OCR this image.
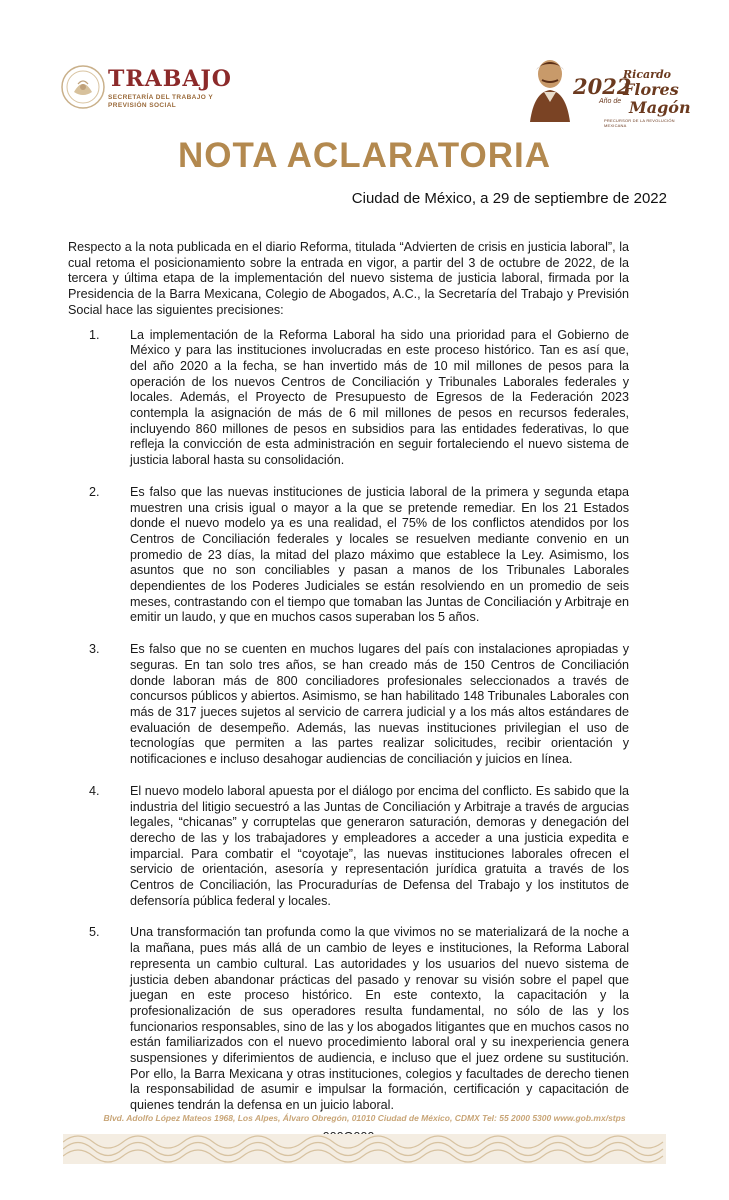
TRABAJO
SECRETARÍA DEL TRABAJO Y PREVISIÓN SOCIAL
2022
Ricardo
Flores
Año de Magón
PRECURSOR DE LA REVOLUCIÓN MEXICANA
NOTA ACLARATORIA
Ciudad de México, a 29 de septiembre de 2022

Respecto a la nota publicada en el diario Reforma, titulada “Advierten de crisis en justicia laboral”, la cual retoma el posicionamiento sobre la entrada en vigor, a partir del 3 de octubre de 2022, de la tercera y última etapa de la implementación del nuevo sistema de justicia laboral, firmada por la Presidencia de la Barra Mexicana, Colegio de Abogados, A.C., la Secretaría del Trabajo y Previsión Social hace las siguientes precisiones:

1.	La implementación de la Reforma Laboral ha sido una prioridad para el Gobierno de México y para las instituciones involucradas en este proceso histórico. Tan es así que, del año 2020 a la fecha, se han invertido más de 10 mil millones de pesos para la operación de los nuevos Centros de Conciliación y Tribunales Laborales federales y locales. Además, el Proyecto de Presupuesto de Egresos de la Federación 2023 contempla la asignación de más de 6 mil millones de pesos en recursos federales, incluyendo 860 millones de pesos en subsidios para las entidades federativas, lo que refleja la convicción de esta administración en seguir fortaleciendo el nuevo sistema de justicia laboral hasta su consolidación.
2.	Es falso que las nuevas instituciones de justicia laboral de la primera y segunda etapa muestren una crisis igual o mayor a la que se pretende remediar. En los 21 Estados donde el nuevo modelo ya es una realidad, el 75% de los conflictos atendidos por los Centros de Conciliación federales y locales se resuelven mediante convenio en un promedio de 23 días, la mitad del plazo máximo que establece la Ley. Asimismo, los asuntos que no son conciliables y pasan a manos de los Tribunales Laborales dependientes de los Poderes Judiciales se están resolviendo en un promedio de seis meses, contrastando con el tiempo que tomaban las Juntas de Conciliación y Arbitraje en emitir un laudo, y que en muchos casos superaban los 5 años.
3.	Es falso que no se cuenten en muchos lugares del país con instalaciones apropiadas y seguras. En tan solo tres años, se han creado más de 150 Centros de Conciliación donde laboran más de 800 conciliadores profesionales seleccionados a través de concursos públicos y abiertos. Asimismo, se han habilitado 148 Tribunales Laborales con más de 317 jueces sujetos al servicio de carrera judicial y a los más altos estándares de evaluación de desempeño. Además, las nuevas instituciones privilegian el uso de tecnologías que permiten a las partes realizar solicitudes, recibir orientación y notificaciones e incluso desahogar audiencias de conciliación y juicios en línea.
4.	El nuevo modelo laboral apuesta por el diálogo por encima del conflicto. Es sabido que la industria del litigio secuestró a las Juntas de Conciliación y Arbitraje a través de argucias legales, “chicanas” y corruptelas que generaron saturación, demoras y denegación del derecho de las y los trabajadores y empleadores a acceder a una justicia expedita e imparcial. Para combatir el “coyotaje”, las nuevas instituciones laborales ofrecen el servicio de orientación, asesoría y representación jurídica gratuita a través de los Centros de Conciliación, las Procuradurías de Defensa del Trabajo y los institutos de defensoría pública federal y locales.
5.	Una transformación tan profunda como la que vivimos no se materializará de la noche a la mañana, pues más allá de un cambio de leyes e instituciones, la Reforma Laboral representa un cambio cultural. Las autoridades y los usuarios del nuevo sistema de justicia deben abandonar prácticas del pasado y renovar su visión sobre el papel que juegan en este proceso histórico. En este contexto, la capacitación y la profesionalización de sus operadores resulta fundamental, no sólo de las y los funcionarios responsables, sino de las y los abogados litigantes que en muchos casos no están familiarizados con el nuevo procedimiento laboral oral y su inexperiencia genera suspensiones y diferimientos de audiencia, e incluso que el juez ordene su sustitución. Por ello, la Barra Mexicana y otras instituciones, colegios y facultades de derecho tienen la responsabilidad de asumir e impulsar la formación, certificación y capacitación de quienes tendrán la defensa en un juicio laboral.
Blvd. Adolfo López Mateos 1968, Los Alpes, Álvaro Obregón, 01010 Ciudad de México, CDMX Tel: 55 2000 5300 www.gob.mx/stps
